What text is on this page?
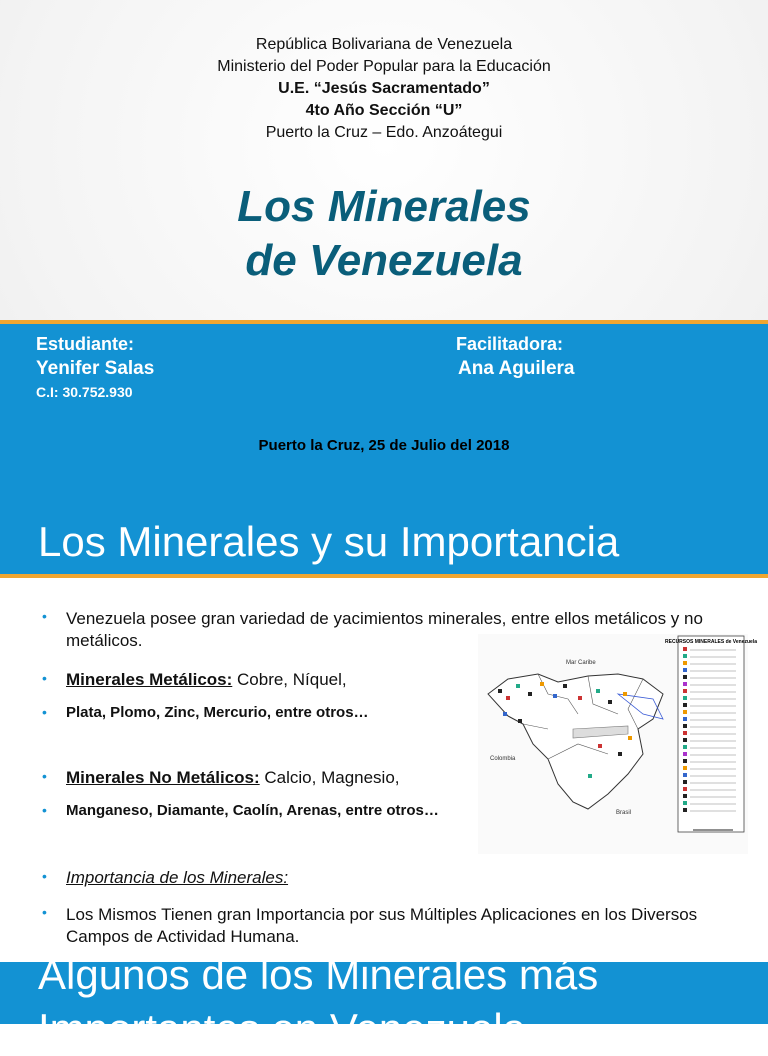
República Bolivariana de Venezuela
Ministerio del Poder Popular para la Educación
U.E. “Jesús Sacramentado”
4to Año Sección “U”
Puerto la Cruz – Edo. Anzoátegui
Los Minerales
de Venezuela
Estudiante:
Yenifer Salas
C.I: 30.752.930
Facilitadora:
Ana Aguilera
Puerto la Cruz, 25 de Julio del 2018
Los Minerales y su Importancia
Venezuela posee gran variedad de yacimientos minerales, entre ellos metálicos y no metálicos.
Minerales Metálicos: Cobre, Níquel,
Plata, Plomo, Zinc, Mercurio, entre otros…
Minerales No Metálicos: Calcio, Magnesio,
Manganeso, Diamante, Caolín, Arenas, entre otros…
Importancia de los Minerales:
Los Mismos Tienen gran Importancia por sus Múltiples Aplicaciones en los Diversos Campos de Actividad Humana.
Mar Caribe
Colombia
Brasil
RECURSOS MINERALES de Venezuela
Algunos de los Minerales más
Importantes en Venezuela
